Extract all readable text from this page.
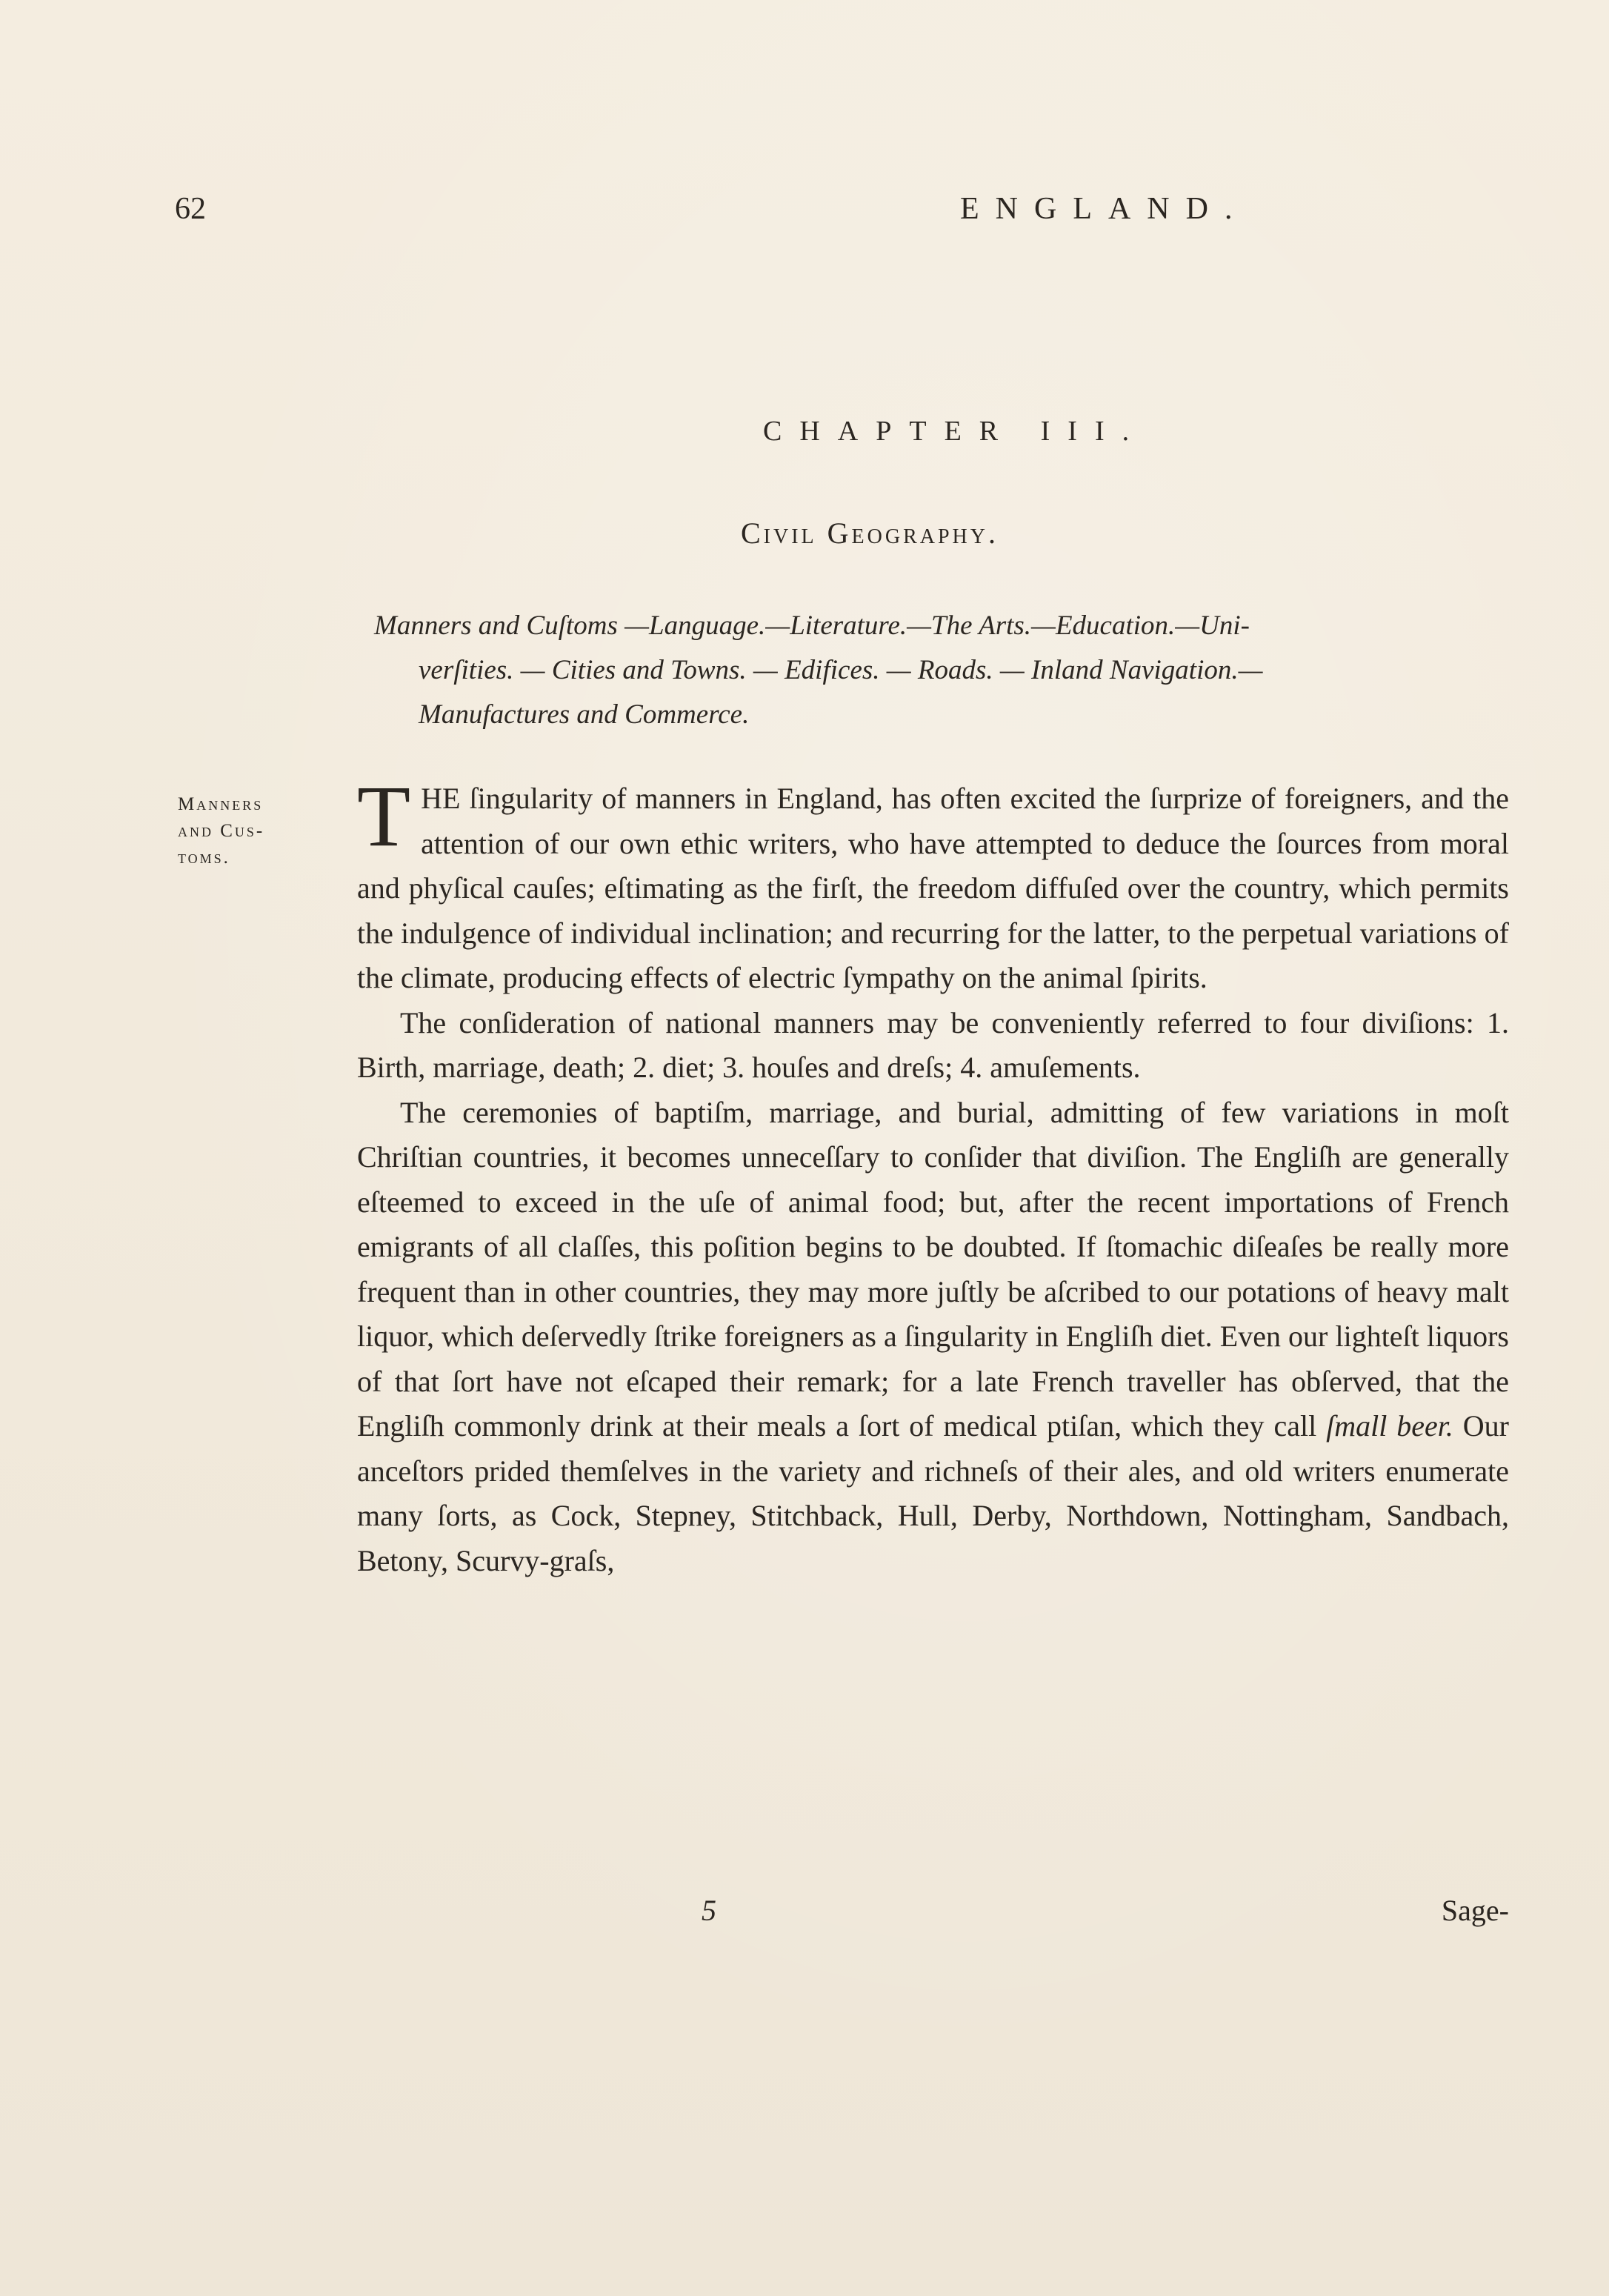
62	ENGLAND.
CHAPTER III.
Civil Geography.
Manners and Cuſtoms —Language.—Literature.—The Arts.—Education.—Uni-
verſities. — Cities and Towns. — Edifices. — Roads. — Inland Navigation.—
Manufactures and Commerce.
Manners
and Cus-
toms.	THE ſingularity of manners in England, has often excited the ſurprize of foreigners, and the attention of our own ethic writers, who have attempted to deduce the ſources from moral and phyſical cauſes; eſtimating as the firſt, the freedom diffuſed over the country, which permits the indulgence of individual inclination; and recurring for the latter, to the perpetual variations of the climate, producing effects of electric ſympathy on the animal ſpirits.

The conſideration of national manners may be conveniently referred to four diviſions: 1. Birth, marriage, death; 2. diet; 3. houſes and dreſs; 4. amuſements.

The ceremonies of baptiſm, marriage, and burial, admitting of few variations in moſt Chriſtian countries, it becomes unneceſſary to conſider that diviſion. The Engliſh are generally eſteemed to exceed in the uſe of animal food; but, after the recent importations of French emigrants of all claſſes, this poſition begins to be doubted. If ſtomachic diſeaſes be really more frequent than in other countries, they may more juſtly be aſcribed to our potations of heavy malt liquor, which deſervedly ſtrike foreigners as a ſingularity in Engliſh diet. Even our lighteſt liquors of that ſort have not eſcaped their remark; for a late French traveller has obſerved, that the Engliſh commonly drink at their meals a ſort of medical ptiſan, which they call ſmall beer. Our anceſtors prided themſelves in the variety and richneſs of their ales, and old writers enumerate many ſorts, as Cock, Stepney, Stitchback, Hull, Derby, Northdown, Nottingham, Sandbach, Betony, Scurvy-graſs,

5	Sage-
